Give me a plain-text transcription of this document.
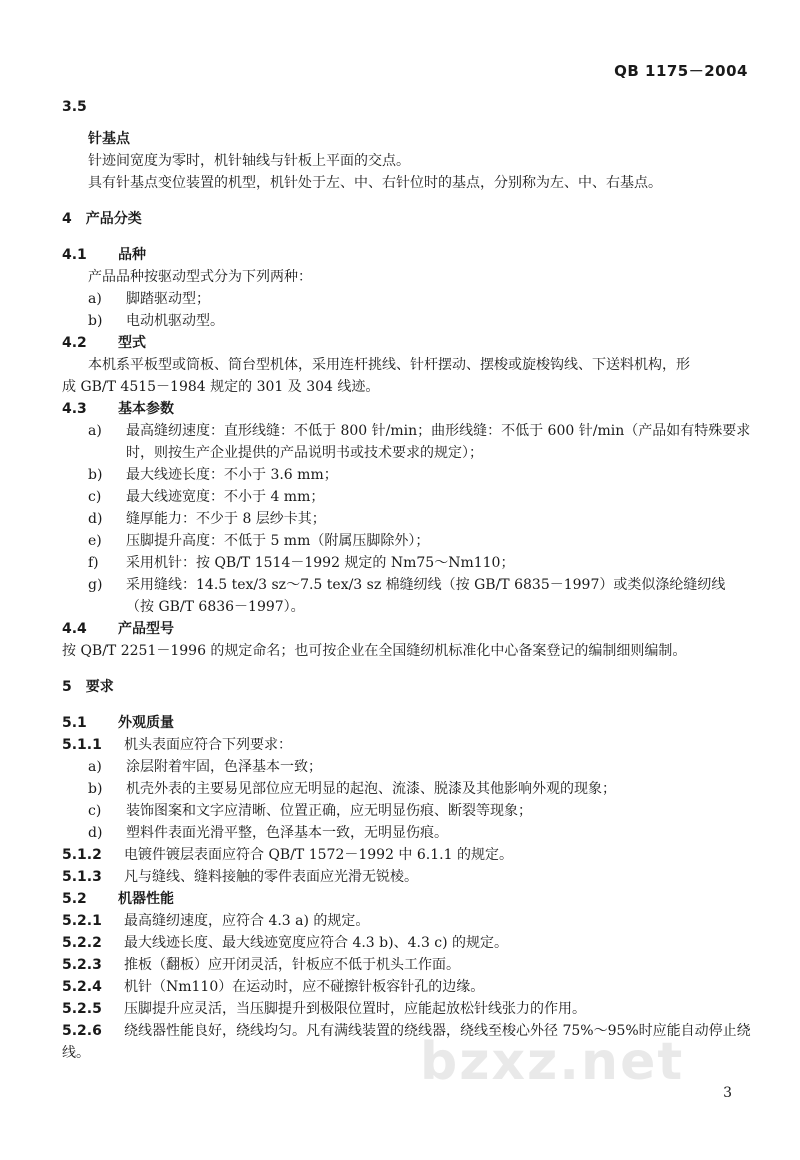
QB 1175－2004
3.5
针基点
针迹间宽度为零时，机针轴线与针板上平面的交点。
具有针基点变位装置的机型，机针处于左、中、右针位时的基点，分别称为左、中、右基点。
4　产品分类
4.1 品种
产品品种按驱动型式分为下列两种：
a)	脚踏驱动型；
b)	电动机驱动型。
4.2 型式
本机系平板型或筒板、筒台型机体，采用连杆挑线、针杆摆动、摆梭或旋梭钩线、下送料机构，形
成 GB/T 4515－1984 规定的 301 及 304 线迹。
4.3 基本参数
a)	最高缝纫速度：直形线缝：不低于 800 针/min；曲形线缝：不低于 600 针/min（产品如有特殊要求时，则按生产企业提供的产品说明书或技术要求的规定）；
b)	最大线迹长度：不小于 3.6 mm；
c)	最大线迹宽度：不小于 4 mm；
d)	缝厚能力：不少于 8 层纱卡其；
e)	压脚提升高度：不低于 5 mm（附属压脚除外）；
f)	采用机针：按 QB/T 1514－1992 规定的 Nm75～Nm110；
g)	采用缝线：14.5 tex/3 sz～7.5 tex/3 sz 棉缝纫线（按 GB/T 6835－1997）或类似涤纶缝纫线（按 GB/T 6836－1997）。
4.4 产品型号
按 QB/T 2251－1996 的规定命名；也可按企业在全国缝纫机标准化中心备案登记的编制细则编制。
5　要求
5.1 外观质量
5.1.1 机头表面应符合下列要求：
a)	涂层附着牢固，色泽基本一致；
b)	机壳外表的主要易见部位应无明显的起泡、流漆、脱漆及其他影响外观的现象；
c)	装饰图案和文字应清晰、位置正确，应无明显伤痕、断裂等现象；
d)	塑料件表面光滑平整，色泽基本一致，无明显伤痕。
5.1.2 电镀件镀层表面应符合 QB/T 1572－1992 中 6.1.1 的规定。
5.1.3 凡与缝线、缝料接触的零件表面应光滑无锐棱。
5.2 机器性能
5.2.1 最高缝纫速度，应符合 4.3 a) 的规定。
5.2.2 最大线迹长度、最大线迹宽度应符合 4.3 b)、4.3 c) 的规定。
5.2.3 推板（翻板）应开闭灵活，针板应不低于机头工作面。
5.2.4 机针（Nm110）在运动时，应不碰擦针板容针孔的边缘。
5.2.5 压脚提升应灵活，当压脚提升到极限位置时，应能起放松针线张力的作用。
5.2.6 绕线器性能良好，绕线均匀。凡有满线装置的绕线器，绕线至梭心外径 75%～95%时应能自动停止绕线。	bzxz.net
3
